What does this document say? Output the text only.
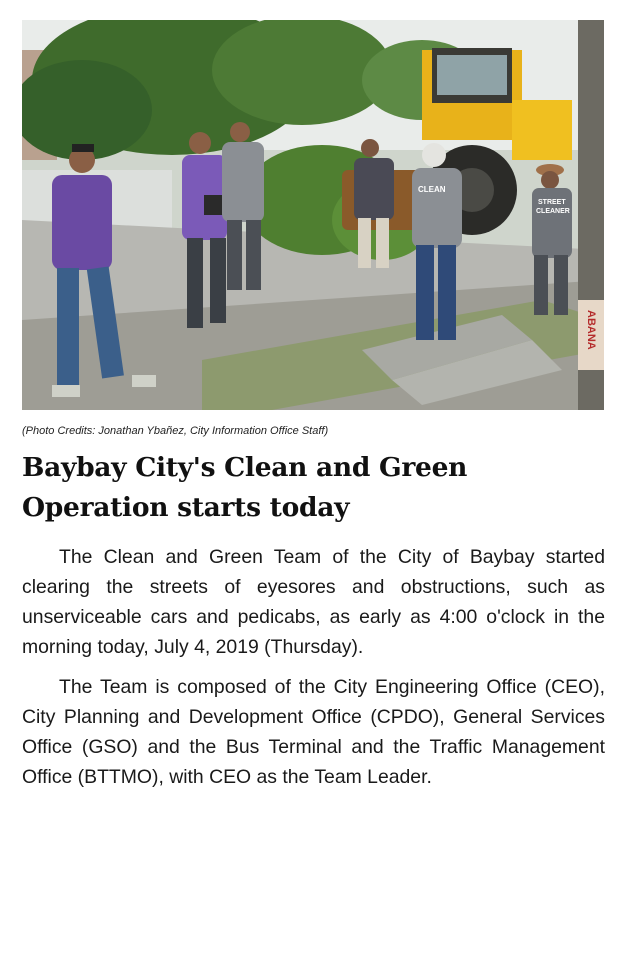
ABANA
CLEAN
STREET
CLEANER
(Photo Credits: Jonathan Ybañez, City Information Office Staff)
Baybay City's Clean and Green
Operation starts today

The Clean and Green Team of the City of Baybay started clearing the streets of eyesores and obstructions, such as unserviceable cars and pedicabs, as early as 4:00 o'clock in the morning today, July 4, 2019 (Thursday).

The Team is composed of the City Engineering Office (CEO), City Planning and Development Office (CPDO), General Services Office (GSO) and the Bus Terminal and the Traffic Management Office (BTTMO), with CEO as the Team Leader.
